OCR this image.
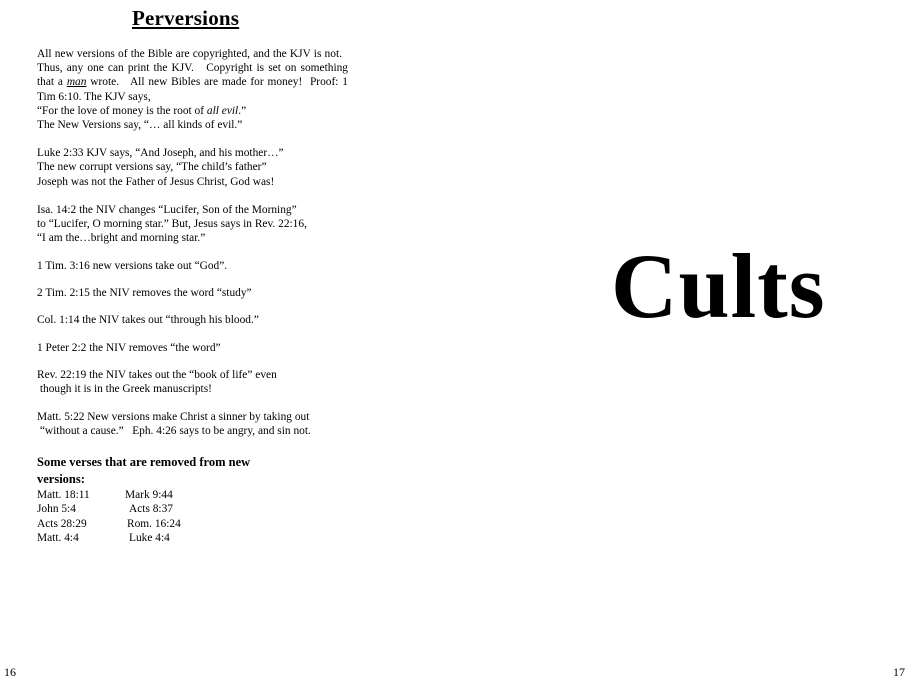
Perversions

All new versions of the Bible are copyrighted, and the KJV is not.   Thus, any one can print the KJV. Copyright is set on something that a man wrote. All new Bibles are made for money! Proof: 1 Tim 6:10. The KJV says,

“For the love of money is the root of all evil.”

The New Versions say, “… all kinds of evil.”

Luke 2:33 KJV says, “And Joseph, and his mother…”

The new corrupt versions say, “The child’s father”

Joseph was not the Father of Jesus Christ, God was!

Isa. 14:2 the NIV changes “Lucifer, Son of the Morning”

to “Lucifer, O morning star.” But, Jesus says in Rev. 22:16,

“I am the…bright and morning star.”

1 Tim. 3:16 new versions take out “God”.

2 Tim. 2:15 the NIV removes the word “study”

Col. 1:14 the NIV takes out “through his blood.”

1 Peter 2:2 the NIV removes “the word”

Rev. 22:19 the NIV takes out the “book of life” even

though it is in the Greek manuscripts!

Matt. 5:22 New versions make Christ a sinner by taking out

“without a cause.”   Eph. 4:26 says to be angry, and sin not.

Some verses that are removed from new versions:
Matt. 18:11	Mark 9:44
John 5:4	Acts 8:37
Acts 28:29	Rom. 16:24
Matt. 4:4	Luke 4:4
16
Cults
17
